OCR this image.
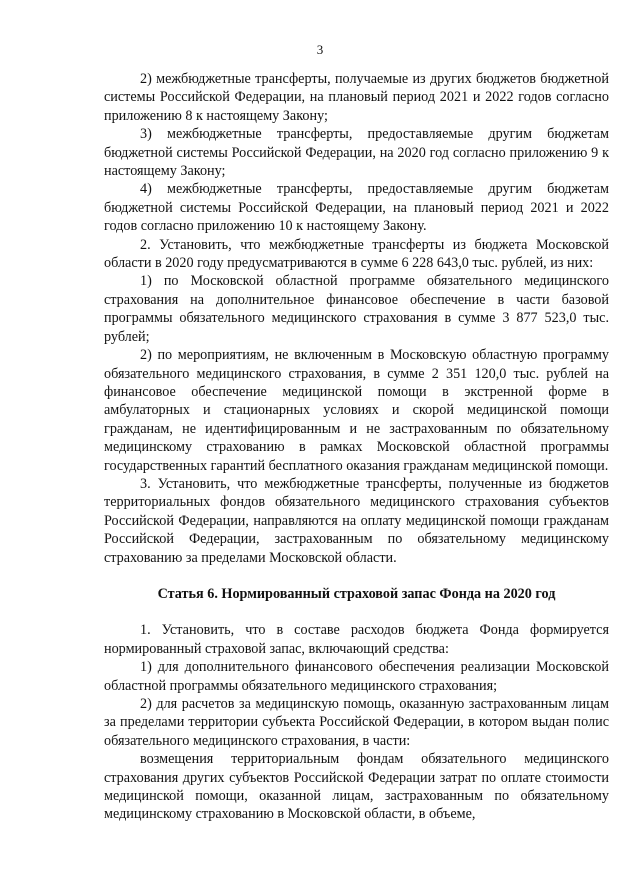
3

2) межбюджетные трансферты, получаемые из других бюджетов бюджетной системы Российской Федерации, на плановый период 2021 и 2022 годов согласно приложению 8 к настоящему Закону;

3) межбюджетные трансферты, предоставляемые другим бюджетам бюджетной системы Российской Федерации, на 2020 год согласно приложению 9 к настоящему Закону;

4) межбюджетные трансферты, предоставляемые другим бюджетам бюджетной системы Российской Федерации, на плановый период 2021 и 2022 годов согласно приложению 10 к настоящему Закону.

2. Установить, что межбюджетные трансферты из бюджета Московской области в 2020 году предусматриваются в сумме 6 228 643,0 тыс. рублей, из них:

1) по Московской областной программе обязательного медицинского страхования на дополнительное финансовое обеспечение в части базовой программы обязательного медицинского страхования в сумме 3 877 523,0 тыс. рублей;

2) по мероприятиям, не включенным в Московскую областную программу обязательного медицинского страхования, в сумме 2 351 120,0 тыс. рублей на финансовое обеспечение медицинской помощи в экстренной форме в амбулаторных и стационарных условиях и скорой медицинской помощи гражданам, не идентифицированным и не застрахованным по обязательному медицинскому страхованию в рамках Московской областной программы государственных гарантий бесплатного оказания гражданам медицинской помощи.

3. Установить, что межбюджетные трансферты, полученные из бюджетов территориальных фондов обязательного медицинского страхования субъектов Российской Федерации, направляются на оплату медицинской помощи гражданам Российской Федерации, застрахованным по обязательному медицинскому страхованию за пределами Московской области.

Статья 6. Нормированный страховой запас Фонда на 2020 год

1. Установить, что в составе расходов бюджета Фонда формируется нормированный страховой запас, включающий средства:

1) для дополнительного финансового обеспечения реализации Московской областной программы обязательного медицинского страхования;

2) для расчетов за медицинскую помощь, оказанную застрахованным лицам за пределами территории субъекта Российской Федерации, в котором выдан полис обязательного медицинского страхования, в части:

возмещения территориальным фондам обязательного медицинского страхования других субъектов Российской Федерации затрат по оплате стоимости медицинской помощи, оказанной лицам, застрахованным по обязательному медицинскому страхованию в Московской области, в объеме,
